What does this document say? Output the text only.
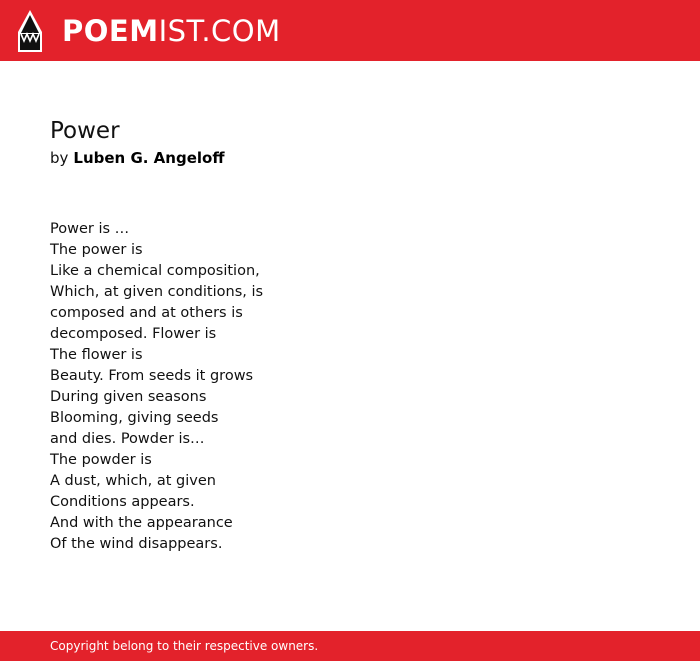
POEMIST.COM
Power
by Luben G. Angeloff
Power is …
The power is
Like a chemical composition,
Which, at given conditions, is
composed and at others is
decomposed. Flower is
The flower is
Beauty. From seeds it grows
During given seasons
Blooming, giving seeds
and dies. Powder is…
The powder is
A dust, which, at given
Conditions appears.
And with the appearance
Of the wind disappears.
Copyright belong to their respective owners.
